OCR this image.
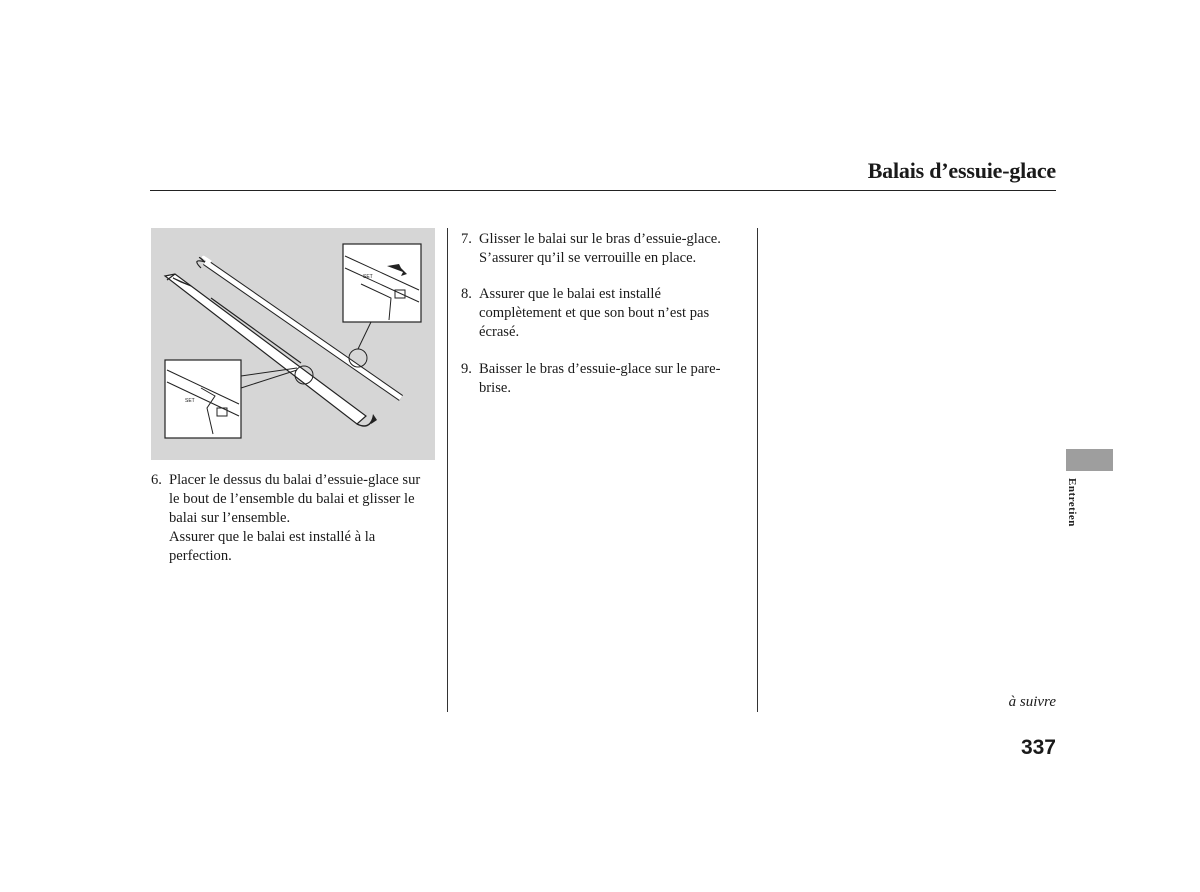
Balais d’essuie-glace
SET
SET
6. Placer le dessus du balai d’essuie-glace sur
le bout de l’ensemble du balai et glisser le
balai sur l’ensemble.
Assurer que le balai est installé à la
perfection.
7. Glisser le balai sur le bras d’essuie-glace.
S’assurer qu’il se verrouille en place.
8. Assurer que le balai est installé
complètement et que son bout n’est pas
écrasé.
9. Baisser le bras d’essuie-glace sur le pare-
brise.
Entretien
à suivre
337
